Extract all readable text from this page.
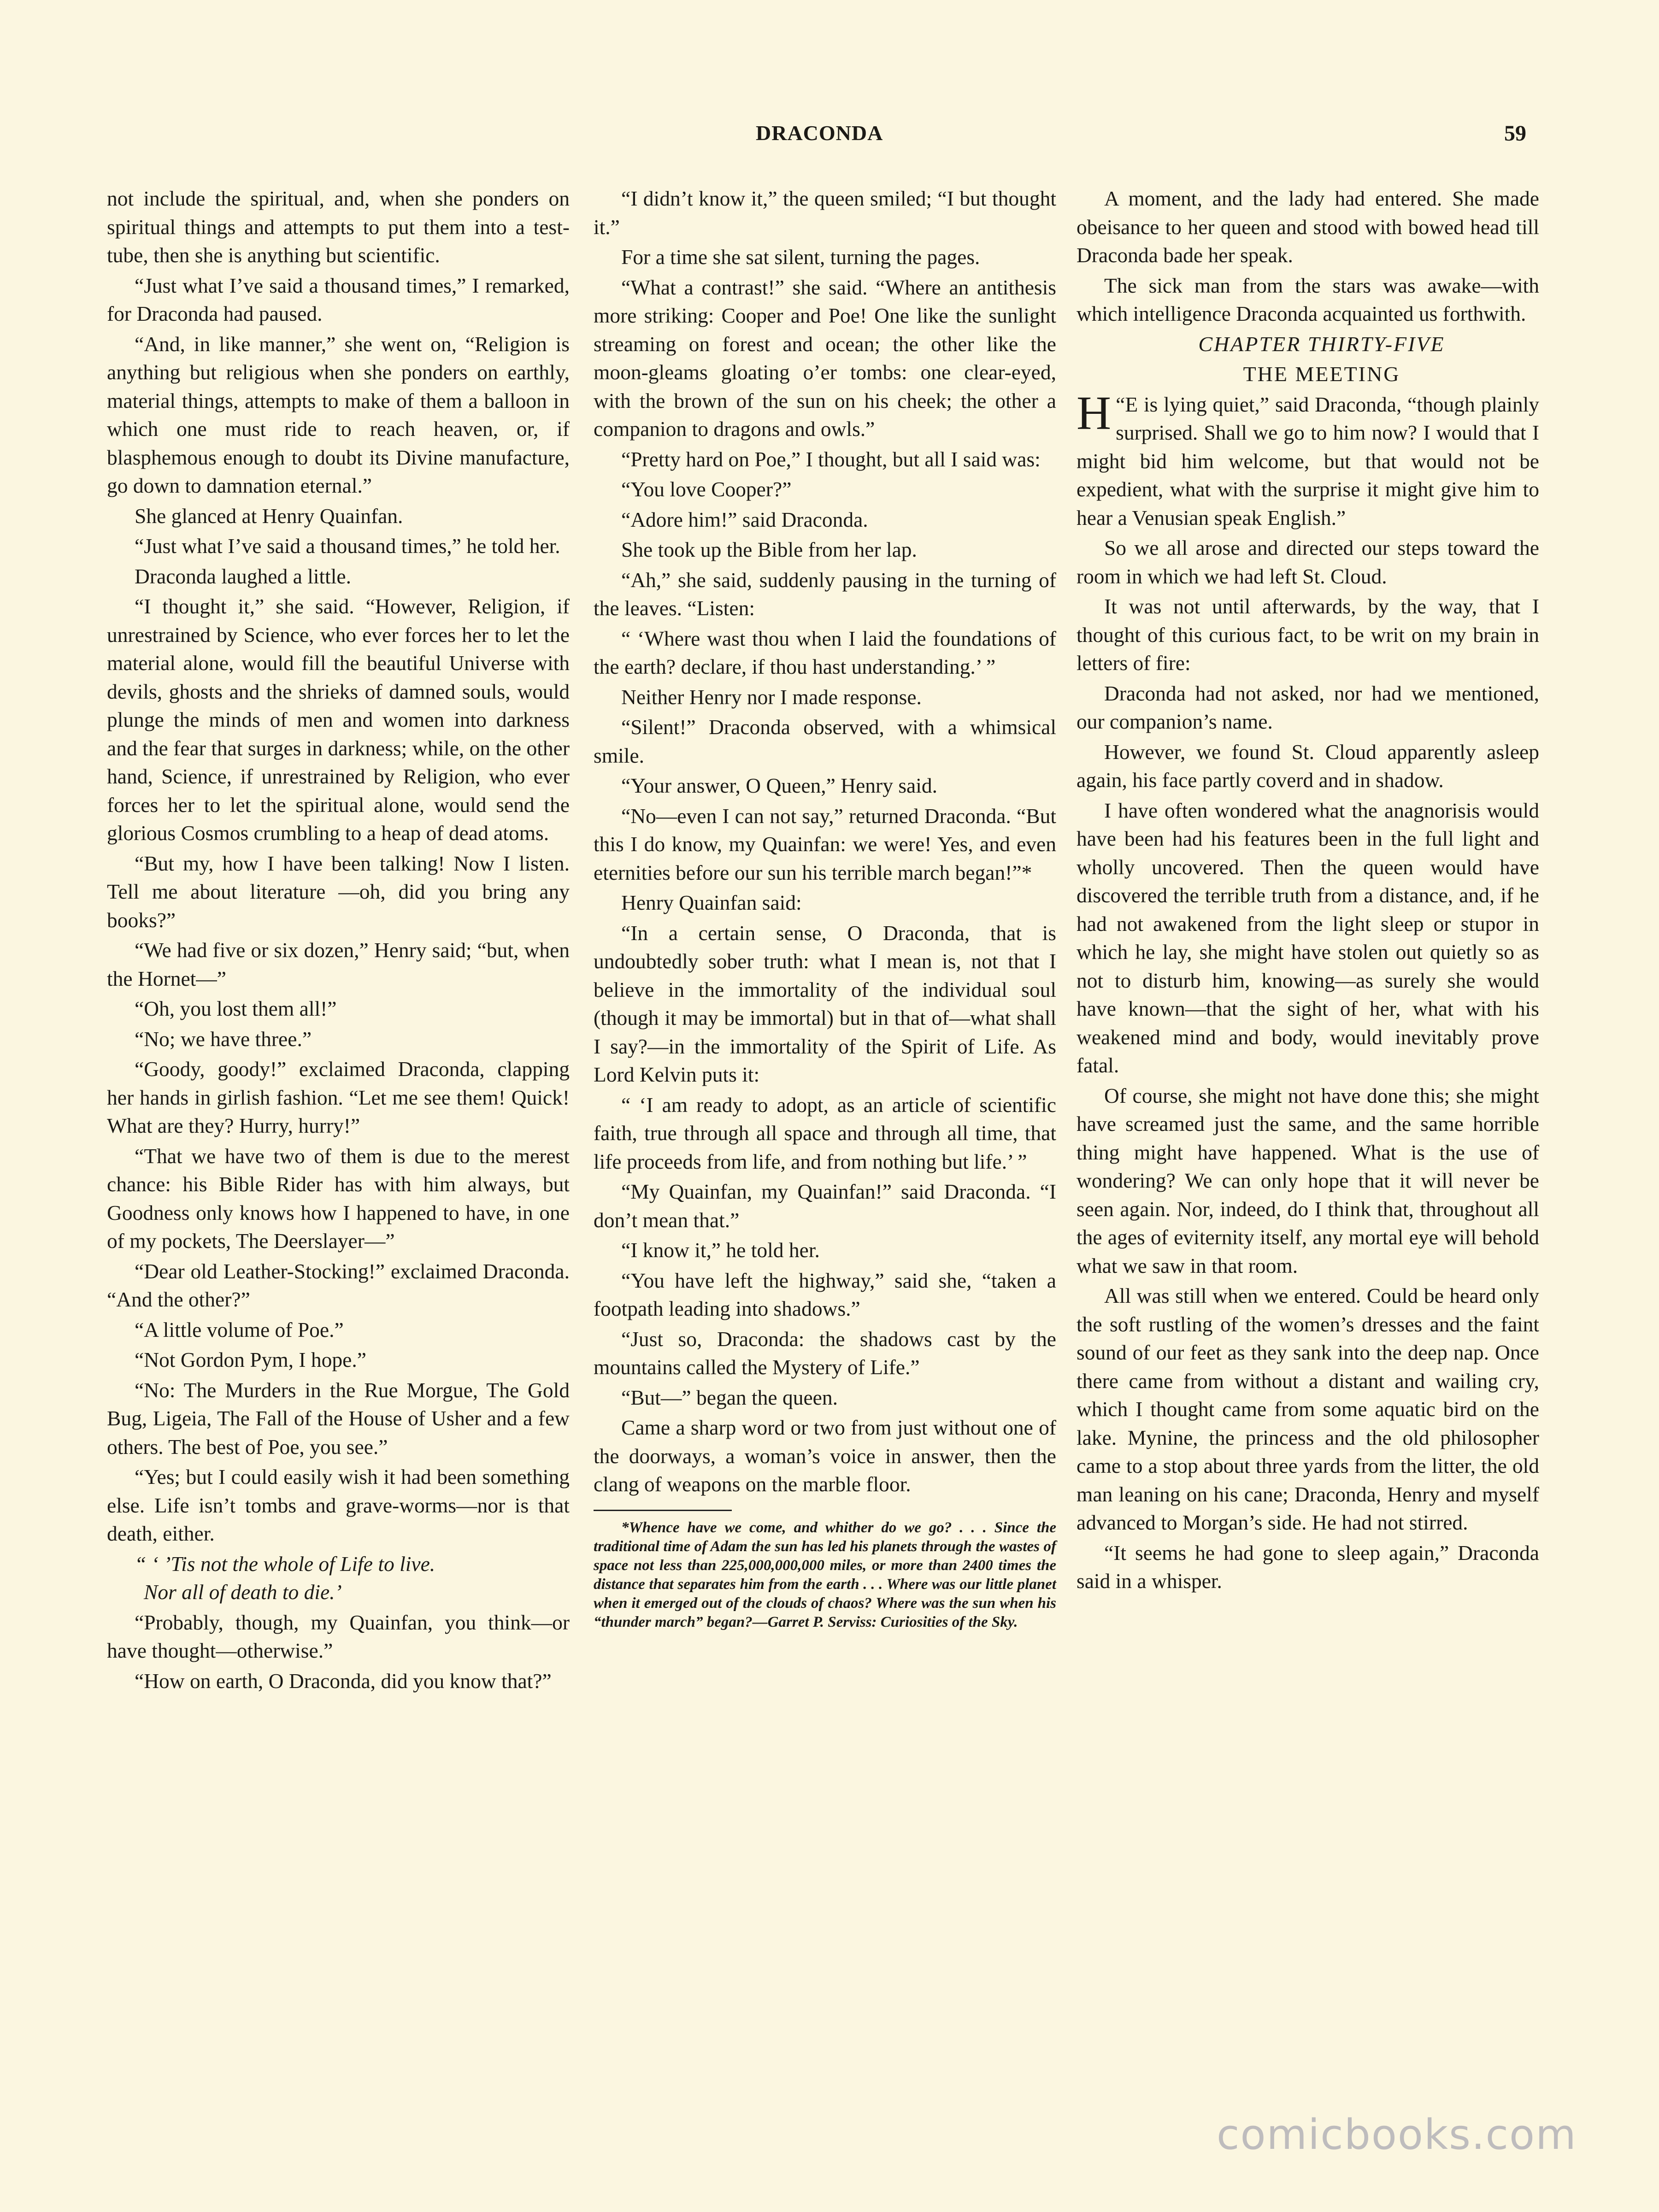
DRACONDA	59

not include the spiritual, and, when she ponders on spiritual things and attempts to put them into a test-tube, then she is anything but scientific.

“Just what I’ve said a thousand times,” I remarked, for Draconda had paused.

“And, in like manner,” she went on, “Religion is anything but religious when she ponders on earthly, material things, attempts to make of them a balloon in which one must ride to reach heaven, or, if blasphemous enough to doubt its Divine manufacture, go down to damnation eternal.”

She glanced at Henry Quainfan.

“Just what I’ve said a thousand times,” he told her.

Draconda laughed a little.

“I thought it,” she said. “However, Religion, if unrestrained by Science, who ever forces her to let the material alone, would fill the beautiful Universe with devils, ghosts and the shrieks of damned souls, would plunge the minds of men and women into darkness and the fear that surges in darkness; while, on the other hand, Science, if unrestrained by Religion, who ever forces her to let the spiritual alone, would send the glorious Cosmos crumbling to a heap of dead atoms.

“But my, how I have been talking! Now I listen. Tell me about literature —oh, did you bring any books?”

“We had five or six dozen,” Henry said; “but, when the Hornet—”

“Oh, you lost them all!”

“No; we have three.”

“Goody, goody!” exclaimed Draconda, clapping her hands in girlish fashion. “Let me see them! Quick! What are they? Hurry, hurry!”

“That we have two of them is due to the merest chance: his Bible Rider has with him always, but Goodness only knows how I happened to have, in one of my pockets, The Deerslayer—”

“Dear old Leather-Stocking!” exclaimed Draconda. “And the other?”

“A little volume of Poe.”

“Not Gordon Pym, I hope.”

“No: The Murders in the Rue Morgue, The Gold Bug, Ligeia, The Fall of the House of Usher and a few others. The best of Poe, you see.”

“Yes; but I could easily wish it had been something else. Life isn’t tombs and grave-worms—nor is that death, either.

“ ‘ ’Tis not the whole of Life to live.

Nor all of death to die.’

“Probably, though, my Quainfan, you think—or have thought—otherwise.”

“How on earth, O Draconda, did you know that?”

“I didn’t know it,” the queen smiled; “I but thought it.”

For a time she sat silent, turning the pages.

“What a contrast!” she said. “Where an antithesis more striking: Cooper and Poe! One like the sunlight streaming on forest and ocean; the other like the moon-gleams gloating o’er tombs: one clear-eyed, with the brown of the sun on his cheek; the other a companion to dragons and owls.”

“Pretty hard on Poe,” I thought, but all I said was:

“You love Cooper?”

“Adore him!” said Draconda.

She took up the Bible from her lap.

“Ah,” she said, suddenly pausing in the turning of the leaves. “Listen:

“ ‘Where wast thou when I laid the foundations of the earth? declare, if thou hast understanding.’ ”

Neither Henry nor I made response.

“Silent!” Draconda observed, with a whimsical smile.

“Your answer, O Queen,” Henry said.

“No—even I can not say,” returned Draconda. “But this I do know, my Quainfan: we were! Yes, and even eternities before our sun his terrible march began!”*

Henry Quainfan said:

“In a certain sense, O Draconda, that is undoubtedly sober truth: what I mean is, not that I believe in the immortality of the individual soul (though it may be immortal) but in that of—what shall I say?—in the immortality of the Spirit of Life. As Lord Kelvin puts it:

“ ‘I am ready to adopt, as an article of scientific faith, true through all space and through all time, that life proceeds from life, and from nothing but life.’ ”

“My Quainfan, my Quainfan!” said Draconda. “I don’t mean that.”

“I know it,” he told her.

“You have left the highway,” said she, “taken a footpath leading into shadows.”

“Just so, Draconda: the shadows cast by the mountains called the Mystery of Life.”

“But—” began the queen.

Came a sharp word or two from just without one of the doorways, a woman’s voice in answer, then the clang of weapons on the marble floor.

*Whence have we come, and whither do we go? . . . Since the traditional time of Adam the sun has led his planets through the wastes of space not less than 225,000,000,000 miles, or more than 2400 times the distance that separates him from the earth . . . Where was our little planet when it emerged out of the clouds of chaos? Where was the sun when his “thunder march” began?—Garret P. Serviss: Curiosities of the Sky.

A moment, and the lady had entered. She made obeisance to her queen and stood with bowed head till Draconda bade her speak.

The sick man from the stars was awake—with which intelligence Draconda acquainted us forthwith.

CHAPTER THIRTY-FIVE

THE MEETING

“
H E is lying quiet,” said Draconda, “though plainly surprised. Shall we go to him now? I would that I might bid him welcome, but that would not be expedient, what with the surprise it might give him to hear a Venusian speak English.”

So we all arose and directed our steps toward the room in which we had left St. Cloud.

It was not until afterwards, by the way, that I thought of this curious fact, to be writ on my brain in letters of fire:

Draconda had not asked, nor had we mentioned, our companion’s name.

However, we found St. Cloud apparently asleep again, his face partly coverd and in shadow.

I have often wondered what the anagnorisis would have been had his features been in the full light and wholly uncovered. Then the queen would have discovered the terrible truth from a distance, and, if he had not awakened from the light sleep or stupor in which he lay, she might have stolen out quietly so as not to disturb him, knowing—as surely she would have known—that the sight of her, what with his weakened mind and body, would inevitably prove fatal.

Of course, she might not have done this; she might have screamed just the same, and the same horrible thing might have happened. What is the use of wondering? We can only hope that it will never be seen again. Nor, indeed, do I think that, throughout all the ages of eviternity itself, any mortal eye will behold what we saw in that room.

All was still when we entered. Could be heard only the soft rustling of the women’s dresses and the faint sound of our feet as they sank into the deep nap. Once there came from without a distant and wailing cry, which I thought came from some aquatic bird on the lake. Mynine, the princess and the old philosopher came to a stop about three yards from the litter, the old man leaning on his cane; Draconda, Henry and myself advanced to Morgan’s side. He had not stirred.

“It seems he had gone to sleep again,” Draconda said in a whisper.

comicbooks.com
